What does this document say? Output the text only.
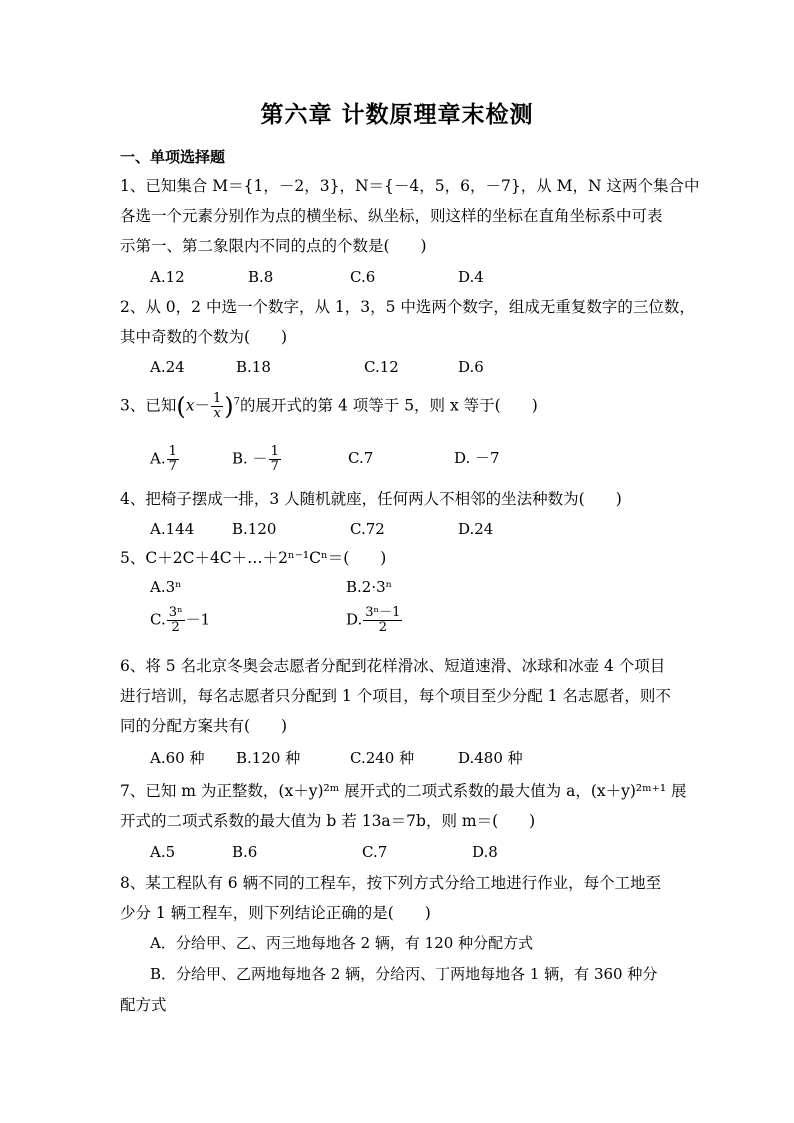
第六章 计数原理章末检测
一、单项选择题
1、已知集合 M＝{1，－2，3}，N＝{－4，5，6，－7}，从 M，N 这两个集合中
各选一个元素分别作为点的横坐标、纵坐标，则这样的坐标在直角坐标系中可表
示第一、第二象限内不同的点的个数是(　　)
A.12	B.8	C.6	D.4
2、从 0，2 中选一个数字，从 1，3，5 中选两个数字，组成无重复数字的三位数，
其中奇数的个数为(　　)
A.24	B.18	C.12	D.6
3、已知$(x- \frac{1}{x} )^7$的展开式的第 4 项等于 5，则 x 等于(　　)
A. $\frac{1}{7}$	B. － $\frac{1}{7}$	C.7	D. －7
4、把椅子摆成一排，3 人随机就座，任何两人不相邻的坐法种数为(　　)
A.144	B.120	C.72	D.24
5、C＋2C＋4C＋…＋2ⁿ⁻¹Cⁿ＝(　　)
A.3ⁿ	B.2·3ⁿ
C. $\frac{\text{3ⁿ}}{2} -1$	D. $\frac{\text{3ⁿ－1}}{2}$
6、将 5 名北京冬奥会志愿者分配到花样滑冰、短道速滑、冰球和冰壶 4 个项目
进行培训，每名志愿者只分配到 1 个项目，每个项目至少分配 1 名志愿者，则不
同的分配方案共有(　　)
A.60 种 B.120 种	C.240 种	D.480 种
7、已知 m 为正整数，(x＋y)²ᵐ 展开式的二项式系数的最大值为 a，(x＋y)²ᵐ⁺¹ 展
开式的二项式系数的最大值为 b 若 13a＝7b，则 m＝(　　)
A.5	B.6	C.7	D.8
8、某工程队有 6 辆不同的工程车，按下列方式分给工地进行作业，每个工地至
少分 1 辆工程车，则下列结论正确的是(　　)
A．分给甲、乙、丙三地每地各 2 辆，有 120 种分配方式
B．分给甲、乙两地每地各 2 辆，分给丙、丁两地每地各 1 辆，有 360 种分
配方式
